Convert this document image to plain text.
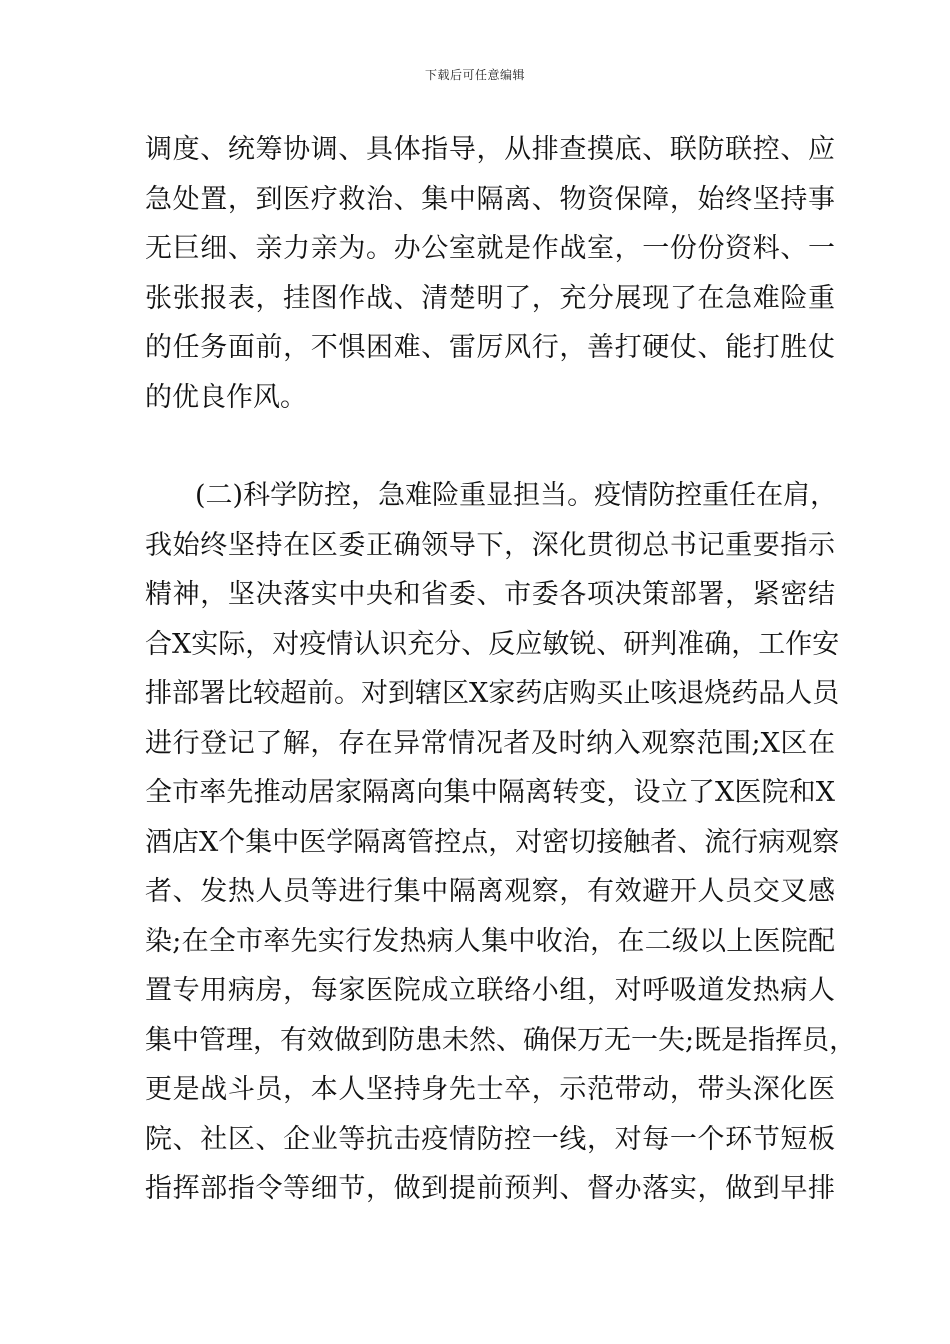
下载后可任意编辑
调度、统筹协调、具体指导，从排查摸底、联防联控、应
急处置，到医疗救治、集中隔离、物资保障，始终坚持事
无巨细、亲力亲为。办公室就是作战室，一份份资料、一
张张报表，挂图作战、清楚明了，充分展现了在急难险重
的任务面前，不惧困难、雷厉风行，善打硬仗、能打胜仗
的优良作风。
(二)科学防控，急难险重显担当。疫情防控重任在肩，
我始终坚持在区委正确领导下，深化贯彻总书记重要指示
精神，坚决落实中央和省委、市委各项决策部署，紧密结
合X实际，对疫情认识充分、反应敏锐、研判准确，工作安
排部署比较超前。对到辖区X家药店购买止咳退烧药品人员
进行登记了解，存在异常情况者及时纳入观察范围;X区在
全市率先推动居家隔离向集中隔离转变，设立了X医院和X
酒店X个集中医学隔离管控点，对密切接触者、流行病观察
者、发热人员等进行集中隔离观察，有效避开人员交叉感
染;在全市率先实行发热病人集中收治，在二级以上医院配
置专用病房，每家医院成立联络小组，对呼吸道发热病人
集中管理，有效做到防患未然、确保万无一失;既是指挥员，
更是战斗员，本人坚持身先士卒，示范带动，带头深化医
院、社区、企业等抗击疫情防控一线，对每一个环节短板
指挥部指令等细节，做到提前预判、督办落实，做到早排
